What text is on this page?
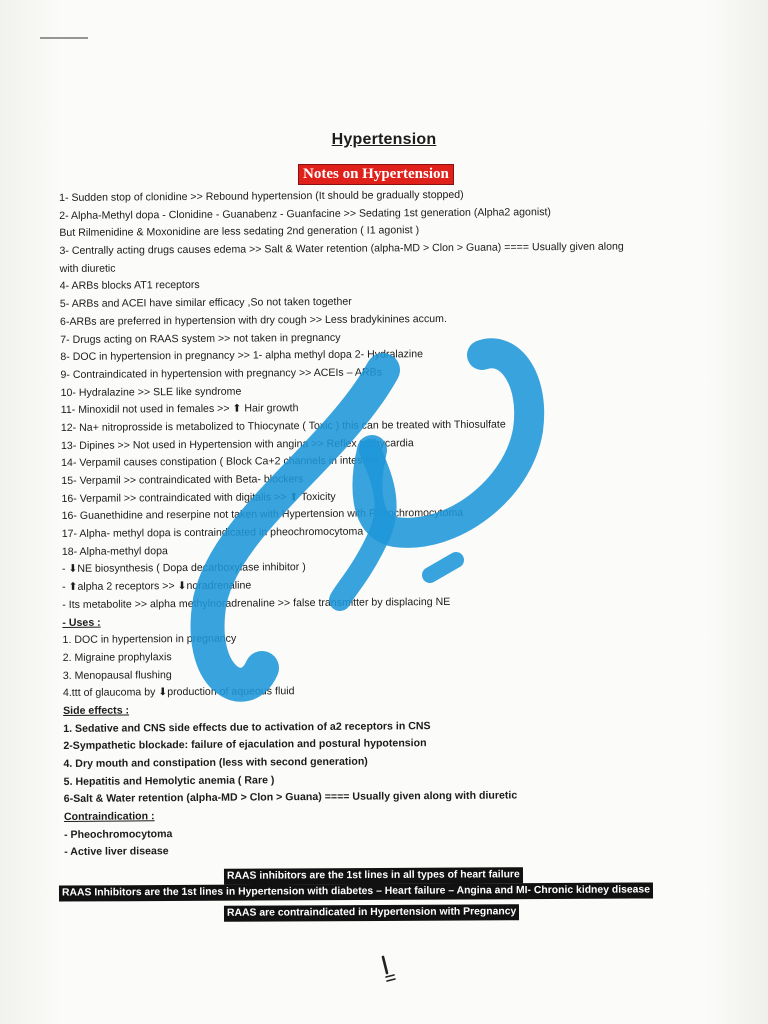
Hypertension
Notes on Hypertension
1- Sudden stop of clonidine >> Rebound hypertension (It should be gradually stopped)
2- Alpha-Methyl dopa - Clonidine - Guanabenz - Guanfacine >> Sedating 1st generation (Alpha2 agonist)
But Rilmenidine & Moxonidine are less sedating 2nd generation ( I1 agonist )
3- Centrally acting drugs causes edema >> Salt & Water retention (alpha-MD > Clon > Guana) ==== Usually given along
with diuretic
4- ARBs blocks AT1 receptors
5- ARBs and ACEI have similar efficacy ,So not taken together
6-ARBs are preferred in hypertension with dry cough >> Less bradykinines accum.
7- Drugs acting on RAAS system >> not taken in pregnancy
8- DOC in hypertension in pregnancy >> 1- alpha methyl dopa 2- Hydralazine
9- Contraindicated in hypertension with pregnancy >> ACEIs – ARBs
10- Hydralazine >> SLE like syndrome
11- Minoxidil not used in females >> ⬆ Hair growth
12- Na+ nitroprosside is metabolized to Thiocynate ( Toxic ) this can be treated with Thiosulfate
13- Dipines >> Not used in Hypertension with angina >> Reflex tachycardia
14- Verpamil causes constipation ( Block Ca+2 channels in intestine )
15- Verpamil >> contraindicated with Beta- blockers
16- Verpamil >> contraindicated with digitalis >> ⬆ Toxicity
16- Guanethidine and reserpine not taken with Hypertension with Pheochromocytoma
17- Alpha- methyl dopa is contraindicated in pheochromocytoma
18- Alpha-methyl dopa
- ⬇NE biosynthesis ( Dopa decarboxylase inhibitor )
- ⬆alpha 2 receptors >> ⬇noradrenaline
- Its metabolite >> alpha methylnoradrenaline >> false transmitter by displacing NE
- Uses :
1. DOC in hypertension in pregnancy
2. Migraine prophylaxis
3. Menopausal flushing
4.ttt of glaucoma by ⬇production of aqueous fluid
Side effects :
1. Sedative and CNS side effects due to activation of a2 receptors in CNS
2-Sympathetic blockade: failure of ejaculation and postural hypotension
4. Dry mouth and constipation (less with second generation)
5. Hepatitis and Hemolytic anemia ( Rare )
6-Salt & Water retention (alpha-MD > Clon > Guana) ==== Usually given along with diuretic
Contraindication :
- Pheochromocytoma
- Active liver disease
RAAS inhibitors are the 1st lines in all types of heart failure
RAAS Inhibitors are the 1st lines in Hypertension with diabetes – Heart failure – Angina and MI- Chronic kidney disease
RAAS are contraindicated in Hypertension with Pregnancy
